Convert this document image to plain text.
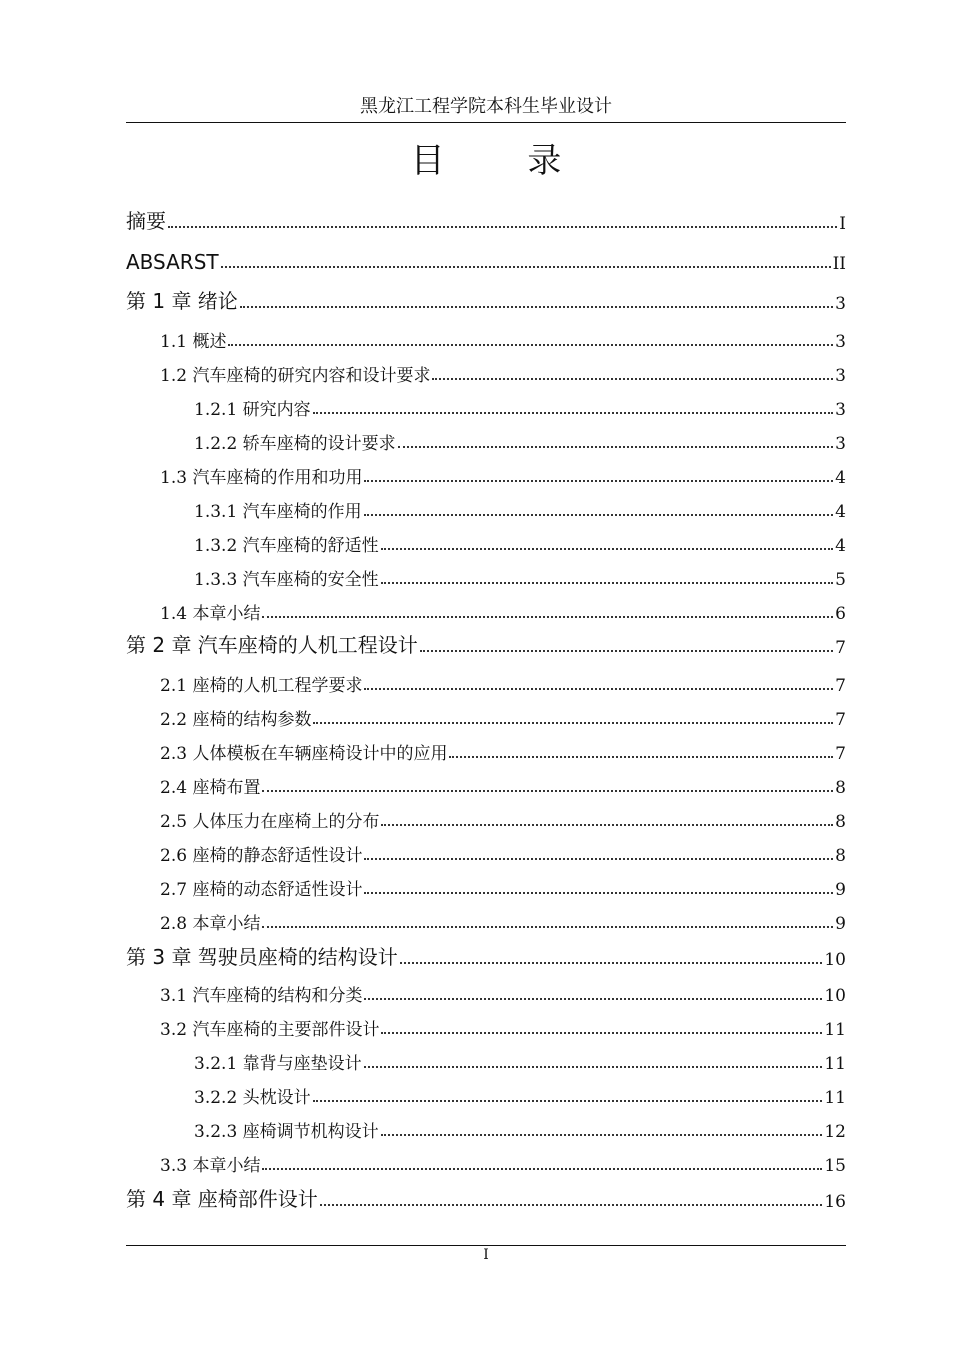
黑龙江工程学院本科生毕业设计
目 录
摘要	I
ABSARST	II
第 1 章 绪论	3
1.1 概述	3
1.2 汽车座椅的研究内容和设计要求	3
1.2.1 研究内容	3
1.2.2 轿车座椅的设计要求	3
1.3 汽车座椅的作用和功用	4
1.3.1 汽车座椅的作用	4
1.3.2 汽车座椅的舒适性	4
1.3.3 汽车座椅的安全性	5
1.4 本章小结	6
第 2 章 汽车座椅的人机工程设计	7
2.1 座椅的人机工程学要求	7
2.2 座椅的结构参数	7
2.3 人体模板在车辆座椅设计中的应用	7
2.4 座椅布置	8
2.5 人体压力在座椅上的分布	8
2.6 座椅的静态舒适性设计	8
2.7 座椅的动态舒适性设计	9
2.8 本章小结	9
第 3 章 驾驶员座椅的结构设计	10
3.1 汽车座椅的结构和分类	10
3.2 汽车座椅的主要部件设计	11
3.2.1 靠背与座垫设计	11
3.2.2 头枕设计	11
3.2.3 座椅调节机构设计	12
3.3 本章小结	15
第 4 章 座椅部件设计	16
I
